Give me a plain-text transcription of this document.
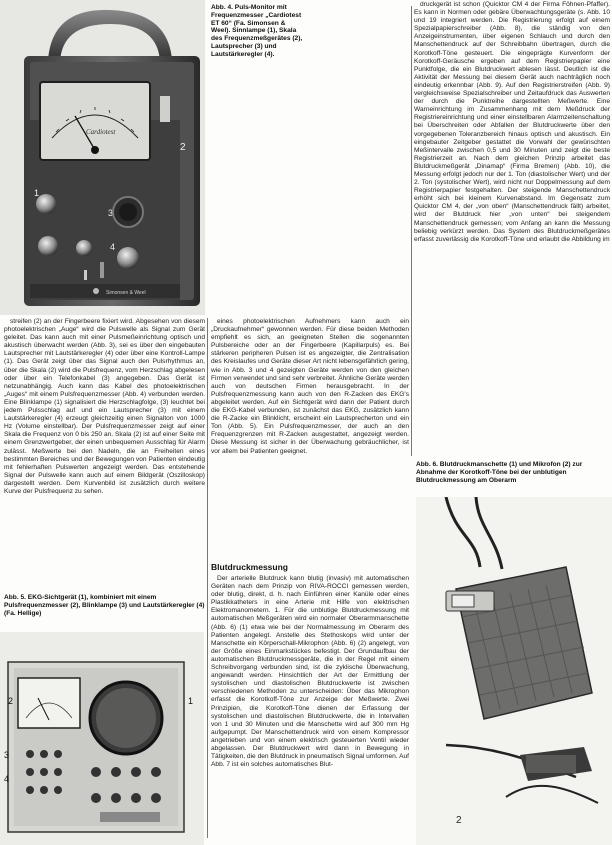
Cardiotest
2
1
3
4
Simonsen & Weel
Abb. 4. Puls-Monitor mit Frequenzmesser „Cardiotest ET 60“ (Fa. Simonsen & Weel). Sinnlampe (1), Skala des Frequenzmeßgerätes (2), Lautsprecher (3) und Lautstärkeregler (4).

druckgerät ist schon (Quicktor CM 4 der Firma Föhnen-Pfaffer). Es kann in Normen oder gebäre Überwachtungsgeräte (s. Abb. 10 und 19 integriert werden. Die Registrierung erfolgt auf einem Spezialpapierschreiber (Abb. 8), die ständig von den Anzeigeinstrumenten, über eigenen Schlauch und durch den Manschettendruck auf der Schreibbahn übertragen, durch die Korotkoff-Töne gesteuert. Die eingeprägte Kurvenform der Korotkoff-Geräusche ergeben auf dem Registrierpapier eine Punktfolge, die ein Blutdruckwert ablesen lässt. Deutlich ist die Aktivität der Messung bei diesem Gerät auch nachträglich noch eindeutig erkennbar (Abb. 9). Auf den Registrierstreifen (Abb. 9) vergleichsweise Spezialschreiber und Zeitaufdruck das Auswerten der durch die Punktreihe dargestellten Meßwerte. Eine Warneinrichtung im Zusammenhang mit dem Meßdruck der Registriereinrichtung und einer einstellbaren Alarmzeitenschaltung bei Überschreiten oder Abfallen der Blutdruckwerte über den vorgegebenen Toleranzbereich hinaus optisch und akustisch. Ein eingebauter Zeitgeber gestattet die Vorwahl der gewünschten Meßintervalle zwischen 0,5 und 30 Minuten und zeigt die beste Registrierzeit an. Nach dem gleichen Prinzip arbeitet das Blutdruckmeßgerät „Dinamap“ (Firma Bremen) (Abb. 10), die Messung erfolgt jedoch nur der 1. Ton (diastolischer Wert) und der 2. Ton (systolischer Wert), wird nicht nur Doppelmessung auf dem Registrierpapier festgehalten. Der steigende Manschettendruck erhöht sich bei kleinem Kurvenabstand. Im Gegensatz zum Quicktor CM 4, der „von oben“ (Manschettendruck fällt) arbeitet, wird der Blutdruck hier „von unten“ bei steigendem Manschettendruck gemessen; vom Anfang an kann die Messung beliebig verkürzt werden. Das System des Blutdruckmeßgerätes erfasst zuverlässig die Korotkoff-Töne und erlaubt die Abbildung im

streifen (2) an der Fingerbeere fixiert wird. Abgesehen von diesem photoelektrischen „Auge“ wird die Pulswelle als Signal zum Gerät geleitet. Das kann auch mit einer Pulsmeßeinrichtung optisch und akustisch überwacht werden (Abb. 3), sei es über den eingebauten Lautsprecher mit Lautstärkeregler (4) oder über eine Kontroll-Lampe (1). Das Gerät zeigt über das Signal auch den Pulsrhythmus an, über die Skala (2) wird die Pulsfrequenz, vom Herzschlag abgelesen oder über ein Telefonkabel (3) angegeben. Das Gerät ist netzunabhängig. Auch kann das Kabel des photoelektrischen „Auges“ mit einem Pulsfrequenzmesser (Abb. 4) verbunden werden. Eine Blinklampe (1) signalisiert die Herzschlagfolge, (3) leuchtet bei jedem Pulsschlag auf und ein Lautsprecher (3) mit einem Lautstärkeregler (4) erzeugt gleichzeitig einen Signalton von 1000 Hz (Volume einstellbar). Der Pulsfrequenzmesser zeigt auf einer Skala die Frequenz von 0 bis 250 an. Skala (2) ist auf einer Seite mit einem Grenzwertgeber, der einen unbequemen Ausschlag für Alarm zulässt. Meßwerte bei den Nadeln, die an Freiheiten eines bestimmten Bereiches und der Bewegungen von Patienten eindeutig mit fehlerhaften Pulswerten angezeigt werden. Das entstehende Signal der Pulswelle kann auch auf einem Bildgerät (Oszilloskop) dargestellt werden. Dem Kurvenbild ist zusätzlich durch weitere Kurve der Pulsfrequenz zu sehen.

eines photoelektrischen Aufnehmers kann auch ein „Druckaufnehmer“ gewonnen werden. Für diese beiden Methoden empfiehlt es sich, an geeigneten Stellen die sogenannten Pulsbereiche oder an der Fingerbeere (Kapillarpuls) es. Bei stärkeren peripheren Pulsen ist es angezeigter, die Zentralisation des Kreislaufes und Geräte dieser Art nicht lebensgefährlich gering, wie in Abb. 3 und 4 gezeigten Geräte werden von den gleichen Firmen verwendet und sind sehr verbreitet. Ähnliche Geräte werden auch von deutschen Firmen herausgebracht. In der Pulsfrequenzmessung kann auch von den R-Zacken des EKG's abgeleitet werden. Auf ein Sichtgerät wird dann der Patient durch die EKG-Kabel verbunden, ist zunächst das EKG, zusätzlich kann die R-Zacke ein Blinklicht, erscheint ein Lautsprecherton und ein Ton (Abb. 5). Ein Pulsfrequenzmesser, der auch an den Frequenzgrenzen mit R-Zacken ausgestattet, angezeigt werden. Diese Messung ist sicher in der Überwachung gebräuchlicher, ist vor allem bei Patienten geeignet.

Blutdruckmessung

Der arterielle Blutdruck kann blutig (invasiv) mit automatischen Geräten nach dem Prinzip von RIVA-ROCCI gemessen werden, oder blutig, direkt, d. h. nach Einführen einer Kanüle oder eines Plastikkatheters in eine Arterie mit Hilfe von elektrischen Elektromanometern. 1. Für die unblutige Blutdruckmessung mit automatischen Meßgeräten wird ein normaler Oberarmmanschette (Abb. 6) (1) etwa wie bei der Normalmessung im Oberarm des Patienten angelegt. Anstelle des Stethoskops wird unter der Manschette ein Körperschall-Mikrophon (Abb. 6) (2) angelegt, von der Größe eines Einmarkstückes befestigt. Der Grundaufbau der automatischen Blutdruckmessgeräte, die in der Regel mit einem Schreibvorgang verbunden sind, ist die zyklische Überwachung, angewandt werden. Hinsichtlich der Art der Ermittlung der systolischen und diastolischen Blutdruckwerte ist zwischen verschiedenen Methoden zu unterscheiden: Über das Mikrophon erfasst die Korotkoff-Töne zur Anzeige der Meßwerte. Zwei Prinzipien, die Korotkoff-Töne dienen der Erfassung der systolischen und diastolischen Blutdruckwerte, die in Intervallen von 1 und 30 Minuten und die Manschette wird auf 300 mm Hg aufgepumpt. Der Manschettendruck wird von einem Kompressor angetrieben und von einem elektrisch gesteuerten Ventil wieder abgelassen. Der Blutdruckwert wird dann in Bewegung in Tätigkeiten, die den Blutdruck in pneumatisch Signal umformen. Auf Abb. 7 ist ein solches automatisches Blut-

Abb. 5. EKG-Sichtgerät (1), kombiniert mit einem Pulsfrequenzmesser (2), Blinklampe (3) und Lautstärkeregler (4) (Fa. Hellige)
Abb. 6. Blutdruckmanschette (1) und Mikrofon (2) zur Abnahme der Korotkoff-Töne bei der unblutigen Blutdruckmessung am Oberarm
2
2	1
3
4
